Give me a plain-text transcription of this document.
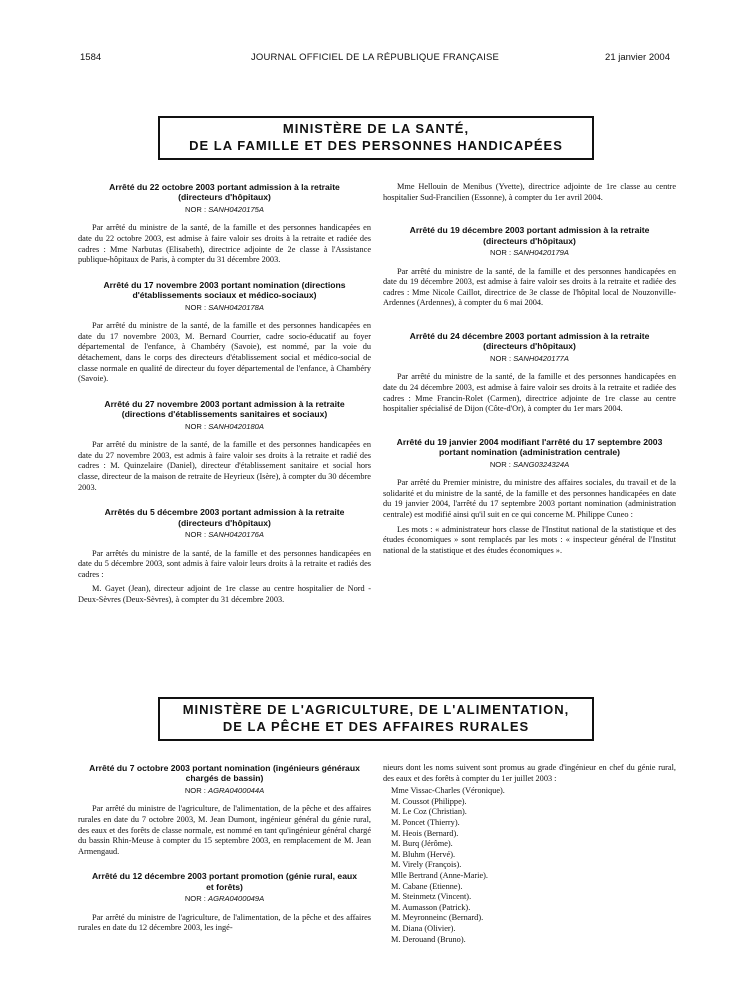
1584	JOURNAL OFFICIEL DE LA RÉPUBLIQUE FRANÇAISE	21 janvier 2004
MINISTÈRE DE LA SANTÉ,
DE LA FAMILLE ET DES PERSONNES HANDICAPÉES
Arrêté du 22 octobre 2003 portant admission à la retraite (directeurs d'hôpitaux)
NOR : SANH0420175A
Par arrêté du ministre de la santé, de la famille et des personnes handicapées en date du 22 octobre 2003, est admise à faire valoir ses droits à la retraite et radiée des cadres : Mme Narbutas (Elisabeth), directrice adjointe de 2e classe à l'Assistance publique-hôpitaux de Paris, à compter du 31 décembre 2003.
Arrêté du 17 novembre 2003 portant nomination (directions d'établissements sociaux et médico-sociaux)
NOR : SANH0420178A
Par arrêté du ministre de la santé, de la famille et des personnes handicapées en date du 17 novembre 2003, M. Bernard Courrier, cadre socio-éducatif au foyer départemental de l'enfance, à Chambéry (Savoie), est nommé, par la voie du détachement, dans le corps des directeurs d'établissement social et médico-social de classe normale en qualité de directeur du foyer départemental de l'enfance, à Chambéry (Savoie).
Arrêté du 27 novembre 2003 portant admission à la retraite (directions d'établissements sanitaires et sociaux)
NOR : SANH0420180A
Par arrêté du ministre de la santé, de la famille et des personnes handicapées en date du 27 novembre 2003, est admis à faire valoir ses droits à la retraite et radié des cadres : M. Quinzelaire (Daniel), directeur d'établissement sanitaire et social hors classe, directeur de la maison de retraite de Heyrieux (Isère), à compter du 30 décembre 2003.
Arrêtés du 5 décembre 2003 portant admission à la retraite (directeurs d'hôpitaux)
NOR : SANH0420176A
Par arrêtés du ministre de la santé, de la famille et des personnes handicapées en date du 5 décembre 2003, sont admis à faire valoir leurs droits à la retraite et radiés des cadres :
M. Gayet (Jean), directeur adjoint de 1re classe au centre hospitalier de Nord - Deux-Sèvres (Deux-Sèvres), à compter du 31 décembre 2003.
Mme Hellouin de Menibus (Yvette), directrice adjointe de 1re classe au centre hospitalier Sud-Francilien (Essonne), à compter du 1er avril 2004.
Arrêté du 19 décembre 2003 portant admission à la retraite (directeurs d'hôpitaux)
NOR : SANH0420179A
Par arrêté du ministre de la santé, de la famille et des personnes handicapées en date du 19 décembre 2003, est admise à faire valoir ses droits à la retraite et radiée des cadres : Mme Nicole Caillot, directrice de 3e classe de l'hôpital local de Nouzonville-Ardennes (Ardennes), à compter du 6 mai 2004.
Arrêté du 24 décembre 2003 portant admission à la retraite (directeurs d'hôpitaux)
NOR : SANH0420177A
Par arrêté du ministre de la santé, de la famille et des personnes handicapées en date du 24 décembre 2003, est admise à faire valoir ses droits à la retraite et radiée des cadres : Mme Francin-Rolet (Carmen), directrice adjointe de 1re classe au centre hospitalier spécialisé de Dijon (Côte-d'Or), à compter du 1er mars 2004.
Arrêté du 19 janvier 2004 modifiant l'arrêté du 17 septembre 2003 portant nomination (administration centrale)
NOR : SANG0324324A
Par arrêté du Premier ministre, du ministre des affaires sociales, du travail et de la solidarité et du ministre de la santé, de la famille et des personnes handicapées en date du 19 janvier 2004, l'arrêté du 17 septembre 2003 portant nomination (administration centrale) est modifié ainsi qu'il suit en ce qui concerne M. Philippe Cuneo :
Les mots : « administrateur hors classe de l'Institut national de la statistique et des études économiques » sont remplacés par les mots : « inspecteur général de l'Institut national de la statistique et des études économiques ».
MINISTÈRE DE L'AGRICULTURE, DE L'ALIMENTATION,
DE LA PÊCHE ET DES AFFAIRES RURALES
Arrêté du 7 octobre 2003 portant nomination (ingénieurs généraux chargés de bassin)
NOR : AGRA0400044A
Par arrêté du ministre de l'agriculture, de l'alimentation, de la pêche et des affaires rurales en date du 7 octobre 2003, M. Jean Dumont, ingénieur général du génie rural, des eaux et des forêts de classe normale, est nommé en tant qu'ingénieur général chargé du bassin Rhin-Meuse à compter du 15 septembre 2003, en remplacement de M. Jean Armengaud.
Arrêté du 12 décembre 2003 portant promotion (génie rural, eaux et forêts)
NOR : AGRA0400049A
Par arrêté du ministre de l'agriculture, de l'alimentation, de la pêche et des affaires rurales en date du 12 décembre 2003, les ingé-
nieurs dont les noms suivent sont promus au grade d'ingénieur en chef du génie rural, des eaux et des forêts à compter du 1er juillet 2003 :
Mme Vissac-Charles (Véronique).
M. Coussot (Philippe).
M. Le Coz (Christian).
M. Poncet (Thierry).
M. Heois (Bernard).
M. Burq (Jérôme).
M. Bluhm (Hervé).
M. Virely (François).
Mlle Bertrand (Anne-Marie).
M. Cabane (Etienne).
M. Steinmetz (Vincent).
M. Aumasson (Patrick).
M. Meyronneinc (Bernard).
M. Diana (Olivier).
M. Derouand (Bruno).
